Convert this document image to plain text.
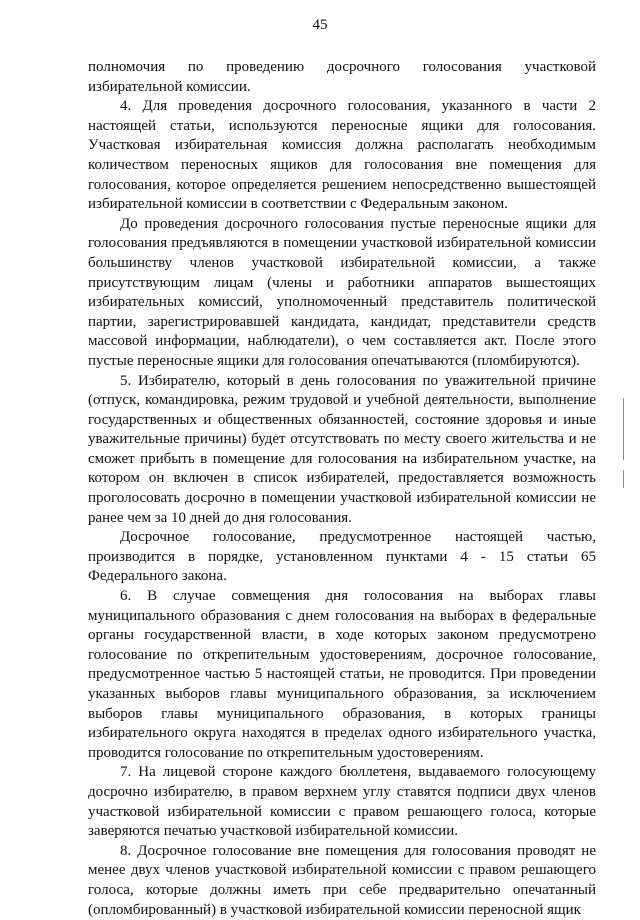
45

полномочия по проведению досрочного голосования участковой избирательной комиссии.

4. Для проведения досрочного голосования, указанного в части 2 настоящей статьи, используются переносные ящики для голосования. Участковая избирательная комиссия должна располагать необходимым количеством переносных ящиков для голосования вне помещения для голосования, которое определяется решением непосредственно вышестоящей избирательной комиссии в соответствии с Федеральным законом.

До проведения досрочного голосования пустые переносные ящики для голосования предъявляются в помещении участковой избирательной комиссии большинству членов участковой избирательной комиссии, а также присутствующим лицам (члены и работники аппаратов вышестоящих избирательных комиссий, уполномоченный представитель политической партии, зарегистрировавшей кандидата, кандидат, представители средств массовой информации, наблюдатели), о чем составляется акт. После этого пустые переносные ящики для голосования опечатываются (пломбируются).

5. Избирателю, который в день голосования по уважительной причине (отпуск, командировка, режим трудовой и учебной деятельности, выполнение государственных и общественных обязанностей, состояние здоровья и иные уважительные причины) будет отсутствовать по месту своего жительства и не сможет прибыть в помещение для голосования на избирательном участке, на котором он включен в список избирателей, предоставляется возможность проголосовать досрочно в помещении участковой избирательной комиссии не ранее чем за 10 дней до дня голосования.

Досрочное голосование, предусмотренное настоящей частью, производится в порядке, установленном пунктами 4 - 15 статьи 65 Федерального закона.

6. В случае совмещения дня голосования на выборах главы муниципального образования с днем голосования на выборах в федеральные органы государственной власти, в ходе которых законом предусмотрено голосование по открепительным удостоверениям, досрочное голосование, предусмотренное частью 5 настоящей статьи, не проводится. При проведении указанных выборов главы муниципального образования, за исключением выборов главы муниципального образования, в которых границы избирательного округа находятся в пределах одного избирательного участка, проводится голосование по открепительным удостоверениям.

7. На лицевой стороне каждого бюллетеня, выдаваемого голосующему досрочно избирателю, в правом верхнем углу ставятся подписи двух членов участковой избирательной комиссии с правом решающего голоса, которые заверяются печатью участковой избирательной комиссии.

8. Досрочное голосование вне помещения для голосования проводят не менее двух членов участковой избирательной комиссии с правом решающего голоса, которые должны иметь при себе предварительно опечатанный (опломбированный) в участковой избирательной комиссии переносной ящик
